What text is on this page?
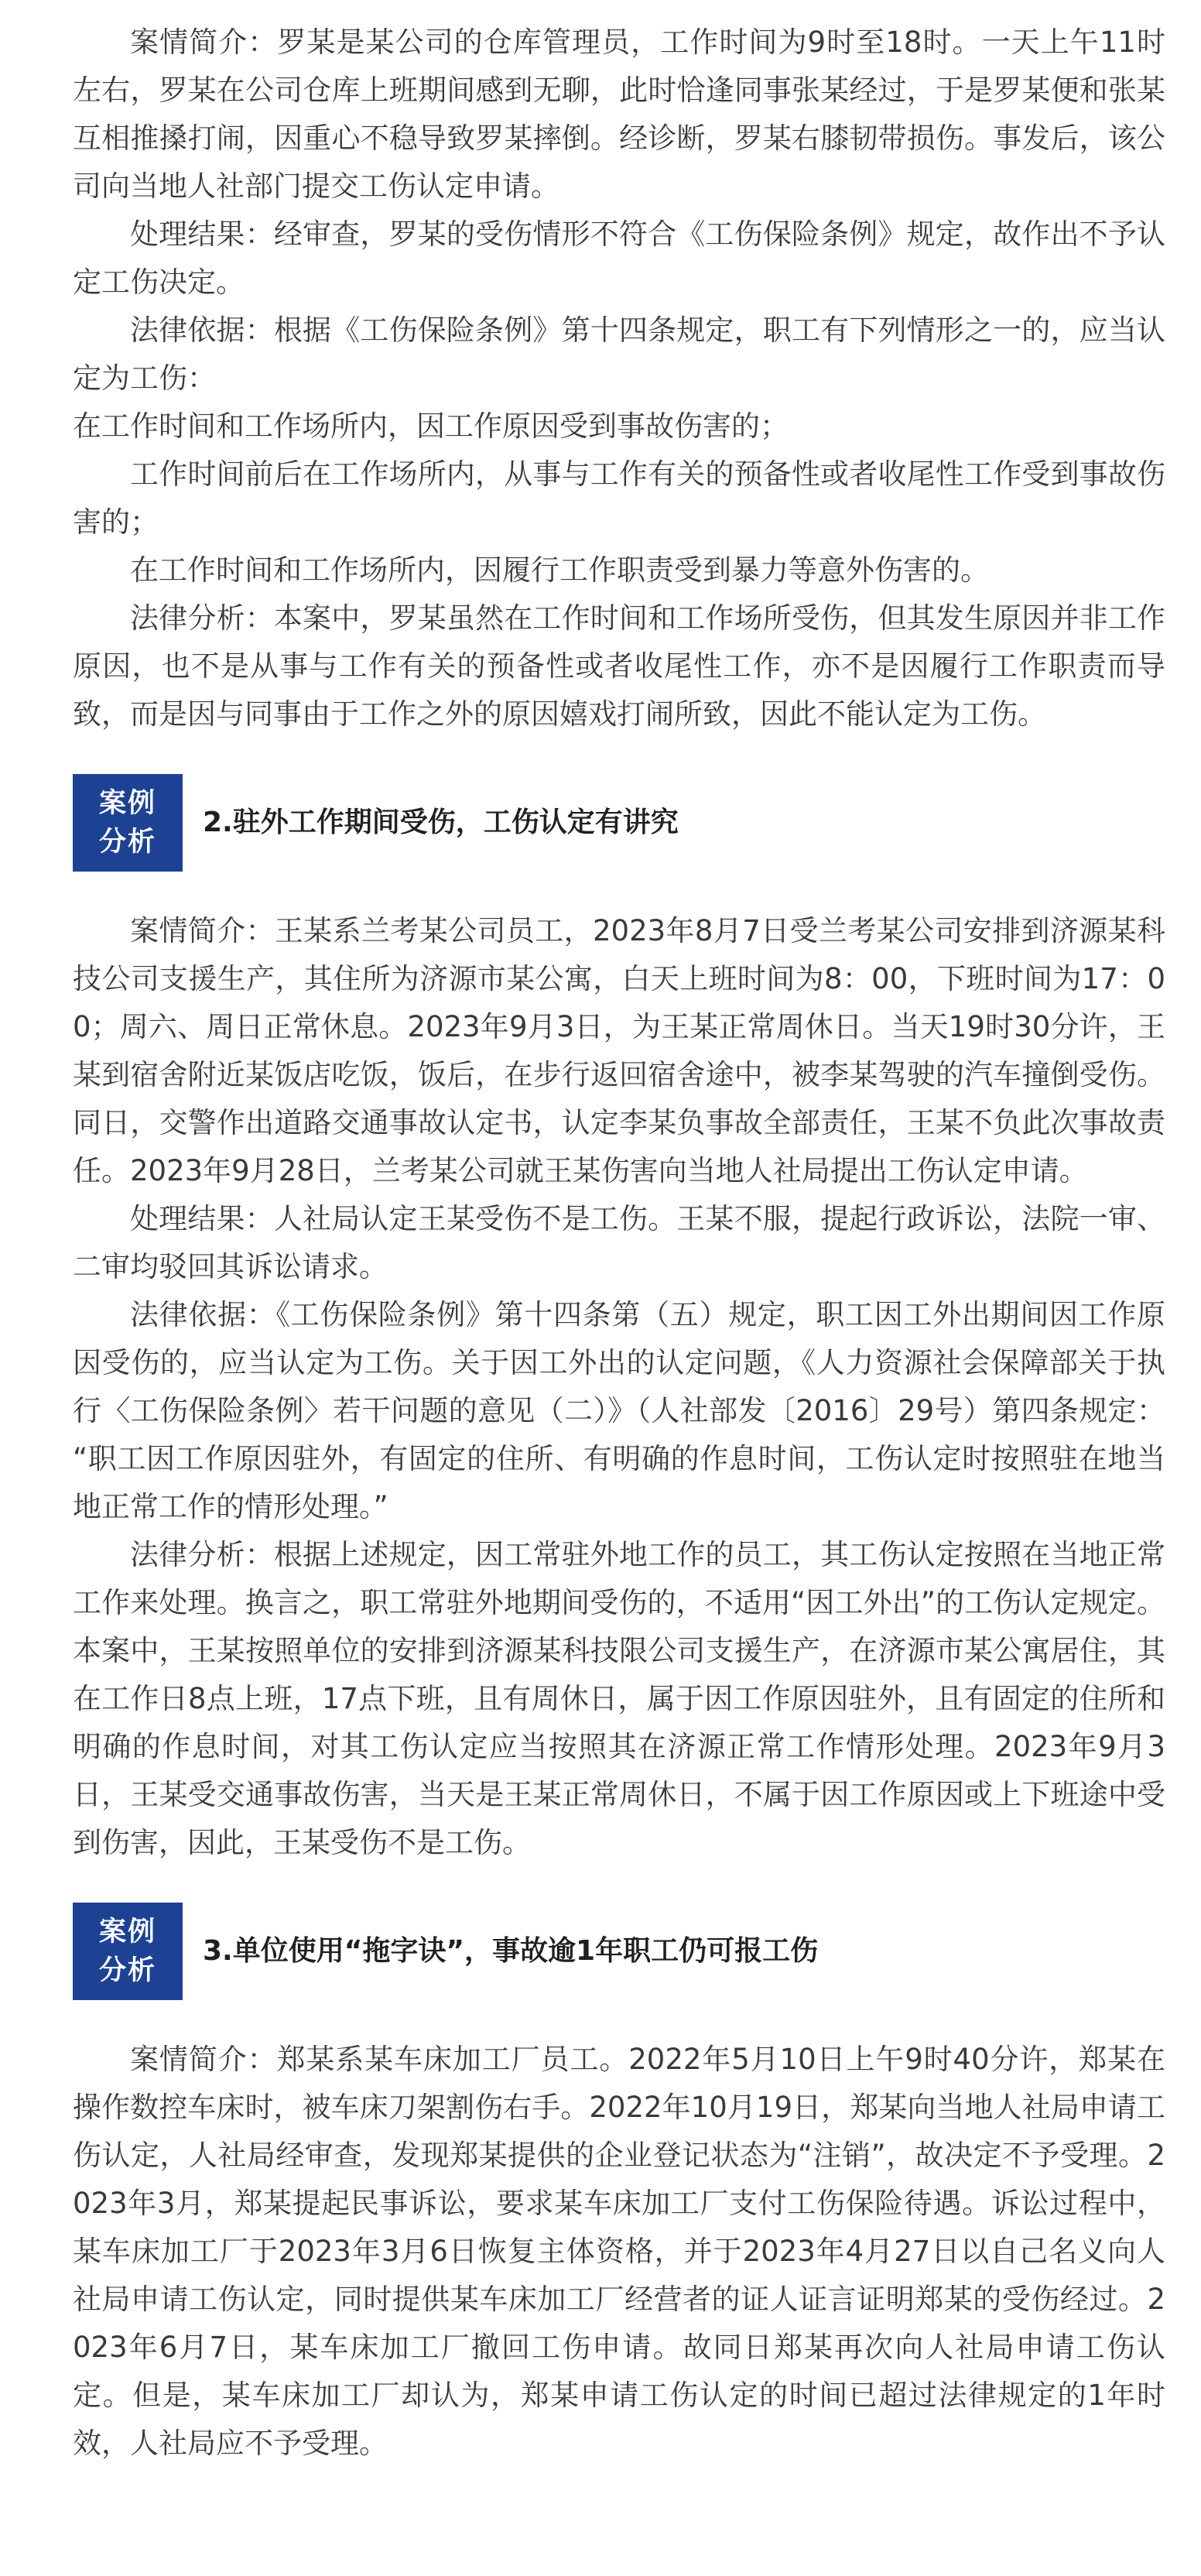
案情简介：罗某是某公司的仓库管理员，工作时间为9时至18时。一天上午11时左右，罗某在公司仓库上班期间感到无聊，此时恰逢同事张某经过，于是罗某便和张某互相推搡打闹，因重心不稳导致罗某摔倒。经诊断，罗某右膝韧带损伤。事发后，该公司向当地人社部门提交工伤认定申请。

处理结果：经审查，罗某的受伤情形不符合《工伤保险条例》规定，故作出不予认定工伤决定。

法律依据：根据《工伤保险条例》第十四条规定，职工有下列情形之一的，应当认定为工伤：

在工作时间和工作场所内，因工作原因受到事故伤害的；

工作时间前后在工作场所内，从事与工作有关的预备性或者收尾性工作受到事故伤害的；

在工作时间和工作场所内，因履行工作职责受到暴力等意外伤害的。

法律分析：本案中，罗某虽然在工作时间和工作场所受伤，但其发生原因并非工作原因，也不是从事与工作有关的预备性或者收尾性工作，亦不是因履行工作职责而导致，而是因与同事由于工作之外的原因嬉戏打闹所致，因此不能认定为工伤。

案例
分析
2.驻外工作期间受伤，工伤认定有讲究

案情简介：王某系兰考某公司员工，2023年8月7日受兰考某公司安排到济源某科技公司支援生产，其住所为济源市某公寓，白天上班时间为8：00，下班时间为17：00；周六、周日正常休息。2023年9月3日，为王某正常周休日。当天19时30分许，王某到宿舍附近某饭店吃饭，饭后，在步行返回宿舍途中，被李某驾驶的汽车撞倒受伤。同日，交警作出道路交通事故认定书，认定李某负事故全部责任，王某不负此次事故责任。2023年9月28日，兰考某公司就王某伤害向当地人社局提出工伤认定申请。

处理结果：人社局认定王某受伤不是工伤。王某不服，提起行政诉讼，法院一审、二审均驳回其诉讼请求。

法律依据：《工伤保险条例》第十四条第（五）规定，职工因工外出期间因工作原因受伤的，应当认定为工伤。关于因工外出的认定问题，《人力资源社会保障部关于执行〈工伤保险条例〉若干问题的意见（二）》（人社部发〔2016〕29号）第四条规定：“职工因工作原因驻外，有固定的住所、有明确的作息时间，工伤认定时按照驻在地当地正常工作的情形处理。”

法律分析：根据上述规定，因工常驻外地工作的员工，其工伤认定按照在当地正常工作来处理。换言之，职工常驻外地期间受伤的，不适用“因工外出”的工伤认定规定。本案中，王某按照单位的安排到济源某科技限公司支援生产，在济源市某公寓居住，其在工作日8点上班，17点下班，且有周休日，属于因工作原因驻外，且有固定的住所和明确的作息时间，对其工伤认定应当按照其在济源正常工作情形处理。2023年9月3日，王某受交通事故伤害，当天是王某正常周休日，不属于因工作原因或上下班途中受到伤害，因此，王某受伤不是工伤。

案例
分析
3.单位使用“拖字诀”，事故逾1年职工仍可报工伤

案情简介：郑某系某车床加工厂员工。2022年5月10日上午9时40分许，郑某在操作数控车床时，被车床刀架割伤右手。2022年10月19日，郑某向当地人社局申请工伤认定，人社局经审查，发现郑某提供的企业登记状态为“注销”，故决定不予受理。2023年3月，郑某提起民事诉讼，要求某车床加工厂支付工伤保险待遇。诉讼过程中，某车床加工厂于2023年3月6日恢复主体资格，并于2023年4月27日以自己名义向人社局申请工伤认定，同时提供某车床加工厂经营者的证人证言证明郑某的受伤经过。2023年6月7日，某车床加工厂撤回工伤申请。故同日郑某再次向人社局申请工伤认定。但是，某车床加工厂却认为，郑某申请工伤认定的时间已超过法律规定的1年时效，人社局应不予受理。
